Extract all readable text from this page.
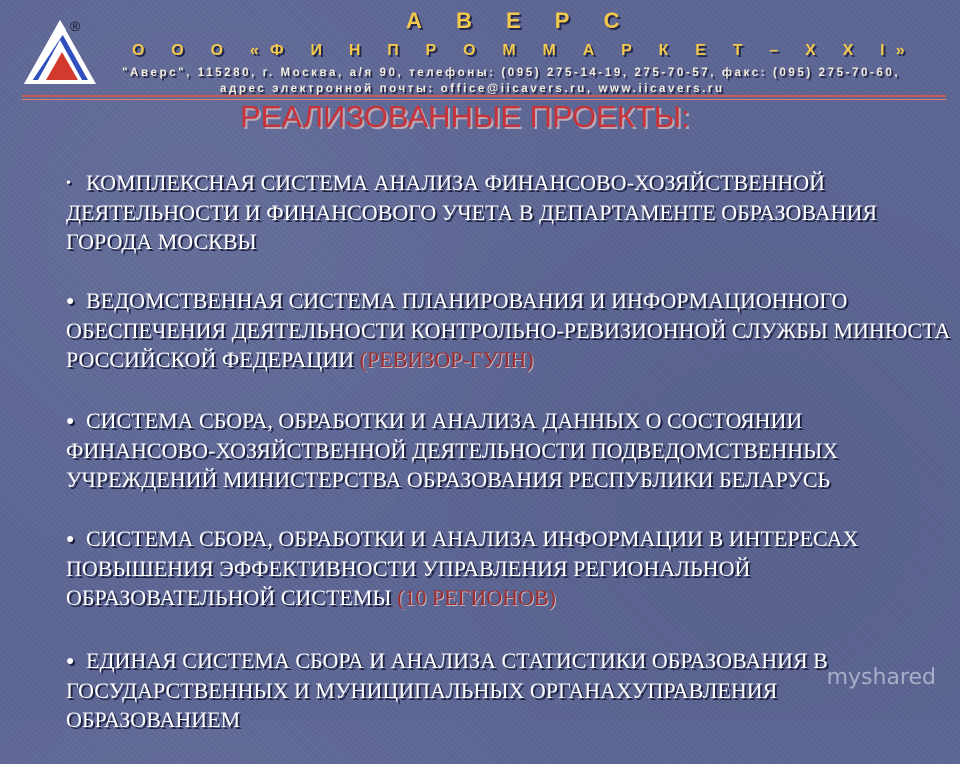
®	А В Е Р С
О О О «Ф И Н П Р О М М А Р К Е Т – X X I»
"Аверс", 115280, г. Москва, а/я 90, телефоны: (095) 275-14-19, 275-70-57, факс: (095) 275-70-60,
адрес электронной почты: office@iicavers.ru, www.iicavers.ru
РЕАЛИЗОВАННЫЕ ПРОЕКТЫ:
• КОМПЛЕКСНАЯ СИСТЕМА АНАЛИЗА ФИНАНСОВО-ХОЗЯЙСТВЕННОЙ ДЕЯТЕЛЬНОСТИ И ФИНАНСОВОГО УЧЕТА В ДЕПАРТАМЕНТЕ ОБРАЗОВАНИЯ ГОРОДА МОСКВЫ
● ВЕДОМСТВЕННАЯ СИСТЕМА ПЛАНИРОВАНИЯ И ИНФОРМАЦИОННОГО ОБЕСПЕЧЕНИЯ ДЕЯТЕЛЬНОСТИ КОНТРОЛЬНО-РЕВИЗИОННОЙ СЛУЖБЫ МИНЮСТА РОССИЙСКОЙ ФЕДЕРАЦИИ (РЕВИЗОР-ГУЛН)
● СИСТЕМА СБОРА, ОБРАБОТКИ И АНАЛИЗА ДАННЫХ О СОСТОЯНИИ ФИНАНСОВО-ХОЗЯЙСТВЕННОЙ ДЕЯТЕЛЬНОСТИ ПОДВЕДОМСТВЕННЫХ УЧРЕЖДЕНИЙ МИНИСТЕРСТВА ОБРАЗОВАНИЯ РЕСПУБЛИКИ БЕЛАРУСЬ
● СИСТЕМА СБОРА, ОБРАБОТКИ И АНАЛИЗА ИНФОРМАЦИИ В ИНТЕРЕСАХ ПОВЫШЕНИЯ ЭФФЕКТИВНОСТИ УПРАВЛЕНИЯ РЕГИОНАЛЬНОЙ ОБРАЗОВАТЕЛЬНОЙ СИСТЕМЫ (10 РЕГИОНОВ)
● ЕДИНАЯ СИСТЕМА СБОРА И АНАЛИЗА СТАТИСТИКИ ОБРАЗОВАНИЯ В ГОСУДАРСТВЕННЫХ И МУНИЦИПАЛЬНЫХ ОРГАНАХУПРАВЛЕНИЯ ОБРАЗОВАНИЕМ
myshared
